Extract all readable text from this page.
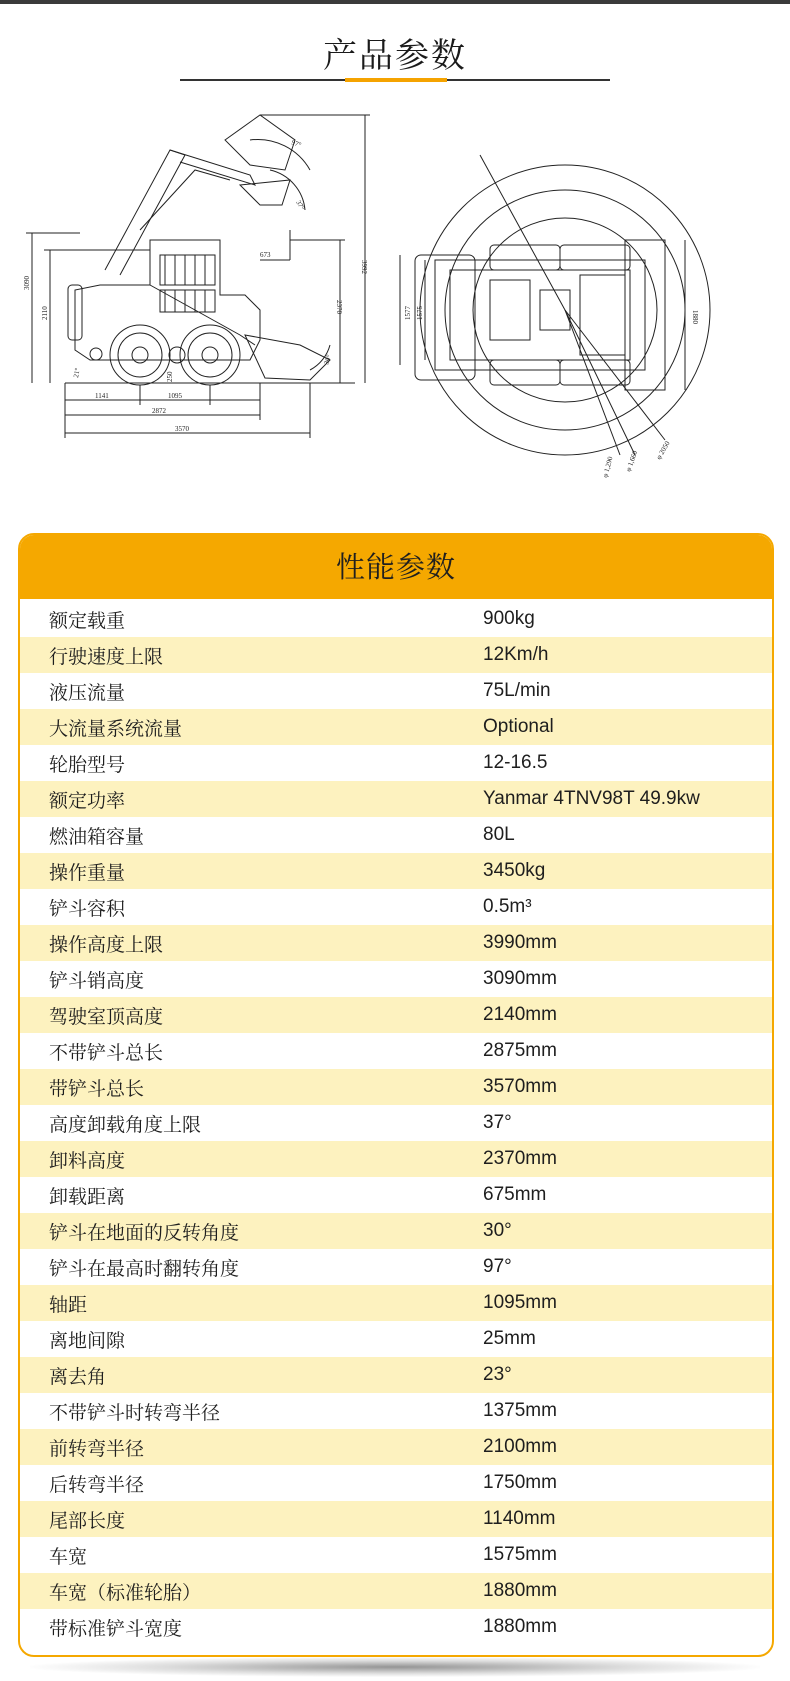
产品参数
97°
37°
673
3090
2110
3992
2370
30°
21°	250
1141	1095
2872
3570
1575
1577	1880
φ 2050
φ 1,660
φ 1,290
性能参数
额定载重	900kg
行驶速度上限	12Km/h
液压流量	75L/min
大流量系统流量	Optional
轮胎型号	12-16.5
额定功率	Yanmar 4TNV98T 49.9kw
燃油箱容量	80L
操作重量	3450kg
铲斗容积	0.5m³
操作高度上限	3990mm
铲斗销高度	3090mm
驾驶室顶高度	2140mm
不带铲斗总长	2875mm
带铲斗总长	3570mm
高度卸载角度上限	37°
卸料高度	2370mm
卸载距离	675mm
铲斗在地面的反转角度	30°
铲斗在最高时翻转角度	97°
轴距	1095mm
离地间隙	25mm
离去角	23°
不带铲斗时转弯半径	1375mm
前转弯半径	2100mm
后转弯半径	1750mm
尾部长度	1140mm
车宽	1575mm
车宽（标准轮胎）	1880mm
带标准铲斗宽度	1880mm
